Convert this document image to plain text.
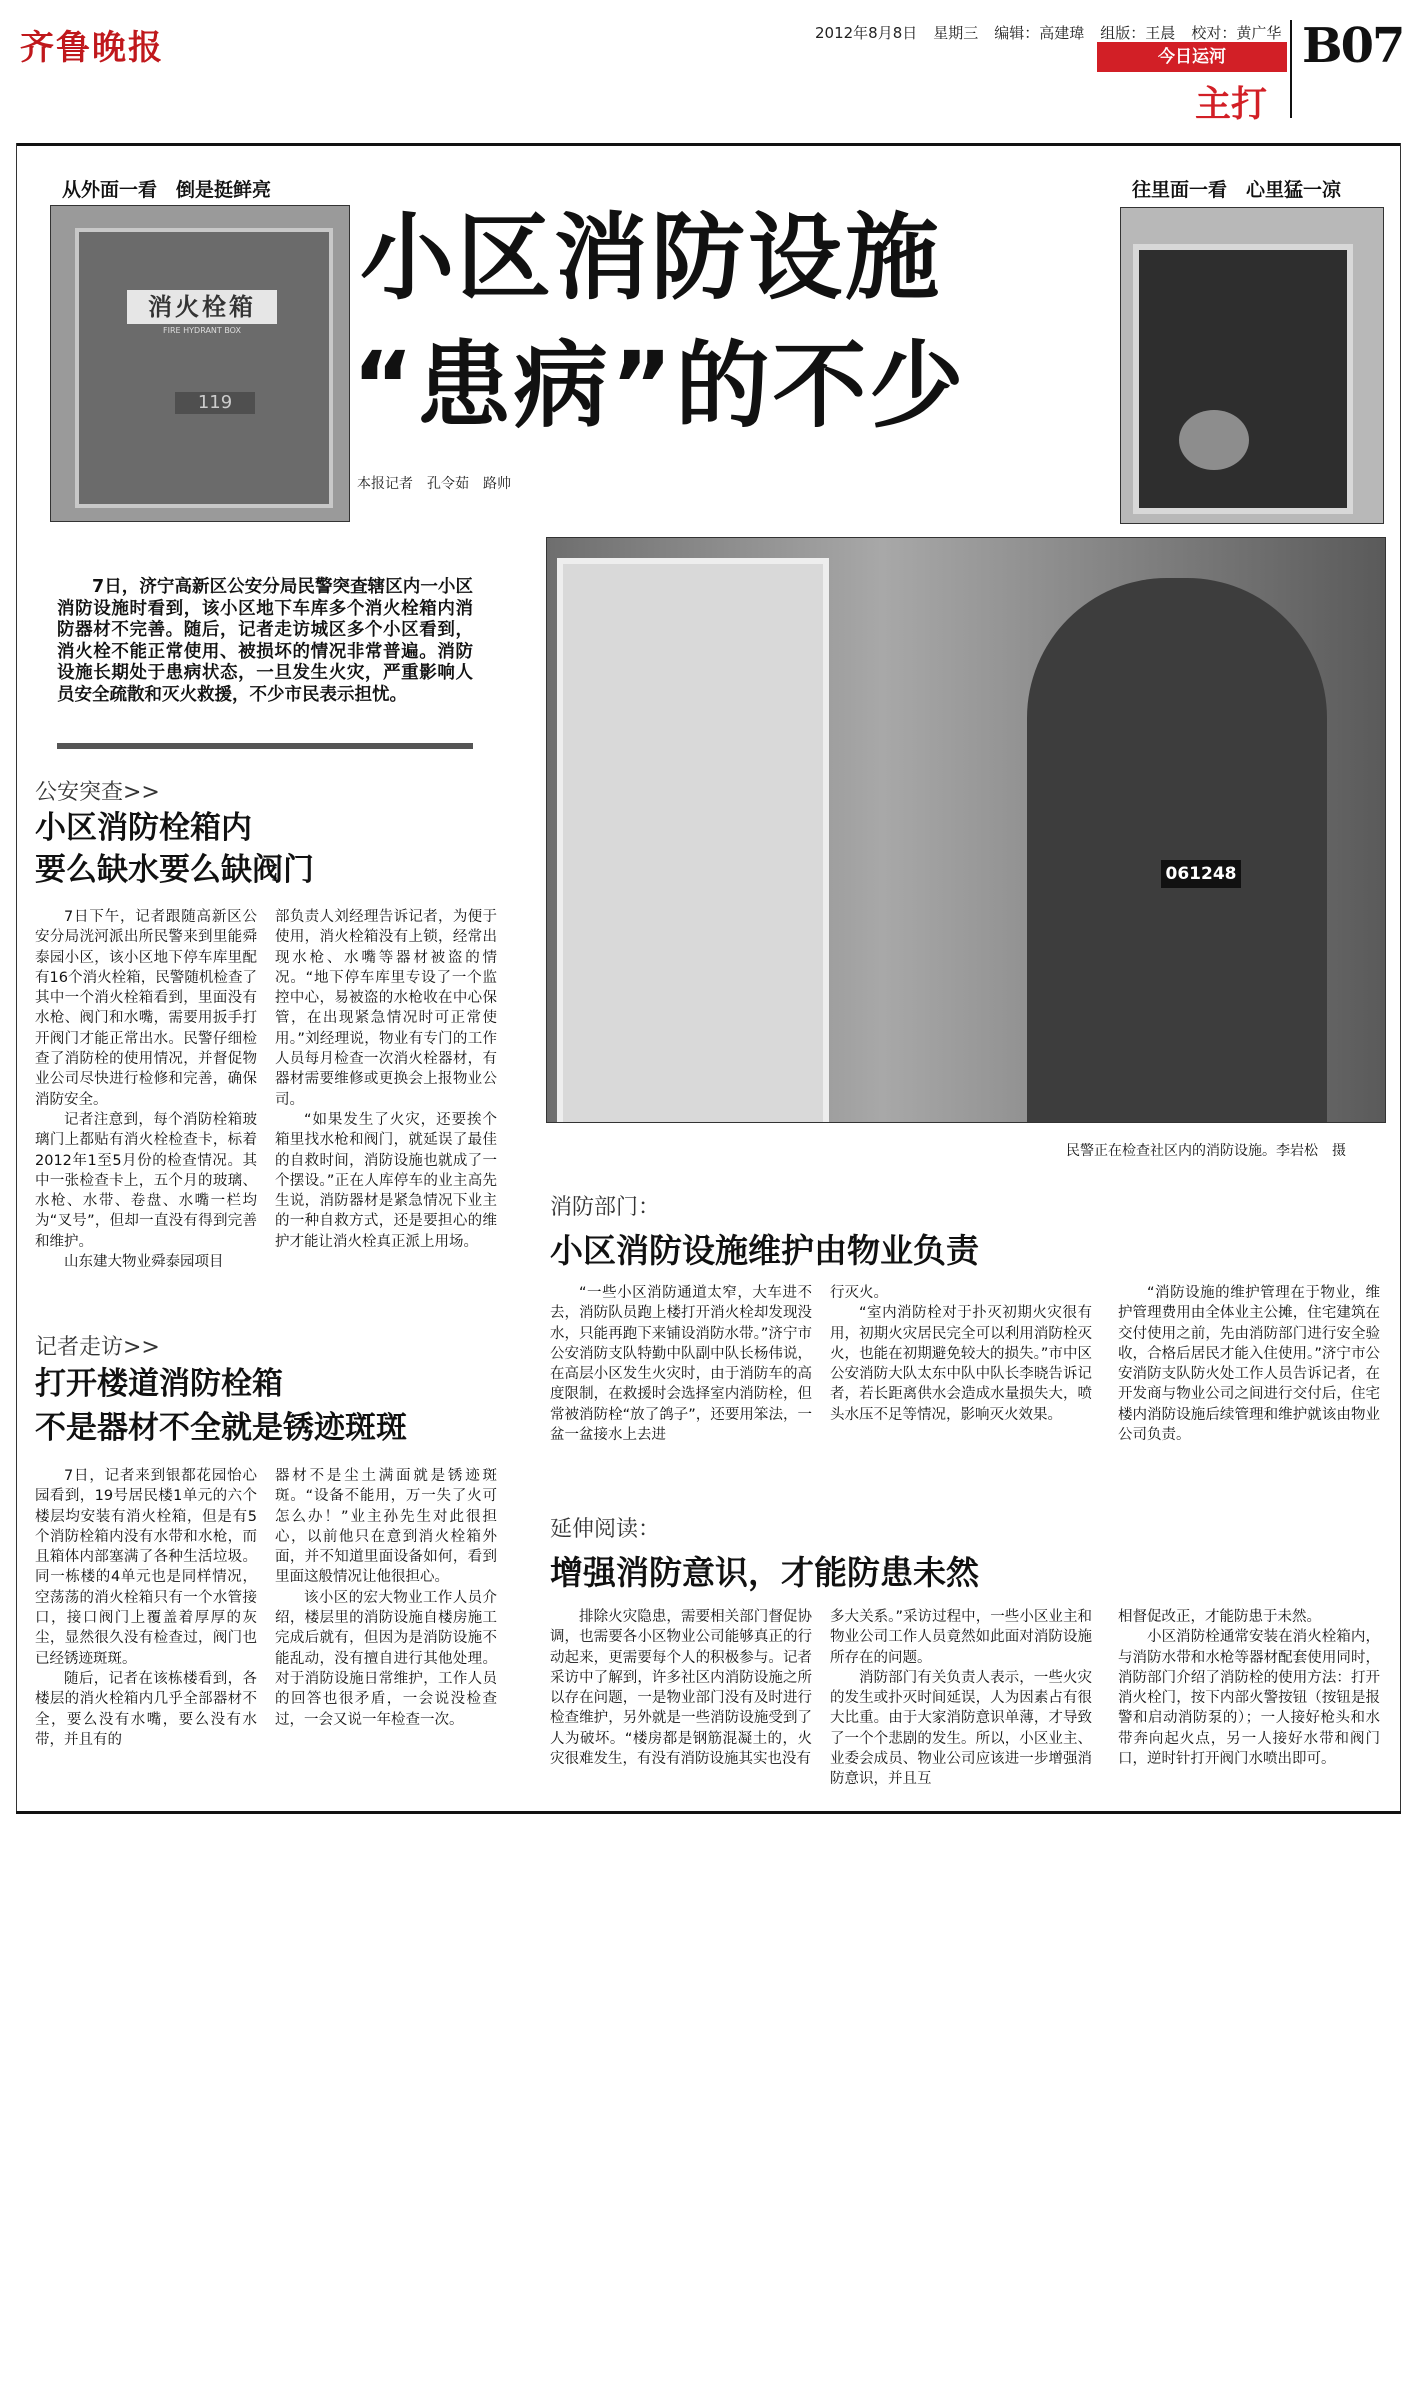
齐鲁晚报	2012年8月8日 星期三 编辑：高建瑋 组版：王晨 校对：黄广华
今日运河
主打
B07
从外面一看　倒是挺鲜亮
消火栓箱
FIRE HYDRANT BOX
119
小区消防设施
“患病”的不少
本报记者　孔令茹　路帅
往里面一看　心里猛一凉
7日，济宁高新区公安分局民警突查辖区内一小区消防设施时看到，该小区地下车库多个消火栓箱内消防器材不完善。随后，记者走访城区多个小区看到，消火栓不能正常使用、被损坏的情况非常普遍。消防设施长期处于患病状态，一旦发生火灾，严重影响人员安全疏散和灭火救援，不少市民表示担忧。
061248
民警正在检查社区内的消防设施。李岩松　摄
公安突查>>
小区消防栓箱内
要么缺水要么缺阀门
7日下午，记者跟随高新区公安分局洸河派出所民警来到里能舜泰园小区，该小区地下停车库里配有16个消火栓箱，民警随机检查了其中一个消火栓箱看到，里面没有水枪、阀门和水嘴，需要用扳手打开阀门才能正常出水。民警仔细检查了消防栓的使用情况，并督促物业公司尽快进行检修和完善，确保消防安全。
记者注意到，每个消防栓箱玻璃门上都贴有消火栓检查卡，标着2012年1至5月份的检查情况。其中一张检查卡上，五个月的玻璃、水枪、水带、卷盘、水嘴一栏均为“叉号”，但却一直没有得到完善和维护。
山东建大物业舜泰园项目
部负责人刘经理告诉记者，为便于使用，消火栓箱没有上锁，经常出现水枪、水嘴等器材被盗的情况。“地下停车库里专设了一个监控中心，易被盗的水枪收在中心保管，在出现紧急情况时可正常使用。”刘经理说，物业有专门的工作人员每月检查一次消火栓器材，有器材需要维修或更换会上报物业公司。
“如果发生了火灾，还要挨个箱里找水枪和阀门，就延误了最佳的自救时间，消防设施也就成了一个摆设。”正在人库停车的业主高先生说，消防器材是紧急情况下业主的一种自救方式，还是要担心的维护才能让消火栓真正派上用场。
记者走访>>
打开楼道消防栓箱
不是器材不全就是锈迹斑斑
7日，记者来到银都花园怡心园看到，19号居民楼1单元的六个楼层均安装有消火栓箱，但是有5个消防栓箱内没有水带和水枪，而且箱体内部塞满了各种生活垃圾。同一栋楼的4单元也是同样情况，空荡荡的消火栓箱只有一个水管接口，接口阀门上覆盖着厚厚的灰尘，显然很久没有检查过，阀门也已经锈迹斑斑。
随后，记者在该栋楼看到，各楼层的消火栓箱内几乎全部器材不全，要么没有水嘴，要么没有水带，并且有的
器材不是尘土满面就是锈迹斑斑。“设备不能用，万一失了火可怎么办！”业主孙先生对此很担心，以前他只在意到消火栓箱外面，并不知道里面设备如何，看到里面这般情况让他很担心。
该小区的宏大物业工作人员介绍，楼层里的消防设施自楼房施工完成后就有，但因为是消防设施不能乱动，没有擅自进行其他处理。对于消防设施日常维护，工作人员的回答也很矛盾，一会说没检查过，一会又说一年检查一次。
消防部门：
小区消防设施维护由物业负责
“一些小区消防通道太窄，大车进不去，消防队员跑上楼打开消火栓却发现没水，只能再跑下来铺设消防水带。”济宁市公安消防支队特勤中队副中队长杨伟说，在高层小区发生火灾时，由于消防车的高度限制，在救援时会选择室内消防栓，但常被消防栓“放了鸽子”，还要用笨法，一盆一盆接水上去进
行灭火。
“室内消防栓对于扑灭初期火灾很有用，初期火灾居民完全可以利用消防栓灭火，也能在初期避免较大的损失。”市中区公安消防大队太东中队中队长李晓告诉记者，若长距离供水会造成水量损失大，喷头水压不足等情况，影响灭火效果。
“消防设施的维护管理在于物业，维护管理费用由全体业主公摊，住宅建筑在交付使用之前，先由消防部门进行安全验收，合格后居民才能入住使用。”济宁市公安消防支队防火处工作人员告诉记者，在开发商与物业公司之间进行交付后，住宅楼内消防设施后续管理和维护就该由物业公司负责。
延伸阅读：
增强消防意识，才能防患未然
排除火灾隐患，需要相关部门督促协调，也需要各小区物业公司能够真正的行动起来，更需要每个人的积极参与。记者采访中了解到，许多社区内消防设施之所以存在问题，一是物业部门没有及时进行检查维护，另外就是一些消防设施受到了人为破坏。“楼房都是钢筋混凝土的，火灾很难发生，有没有消防设施其实也没有
多大关系。”采访过程中，一些小区业主和物业公司工作人员竟然如此面对消防设施所存在的问题。
消防部门有关负责人表示，一些火灾的发生或扑灭时间延误，人为因素占有很大比重。由于大家消防意识单薄，才导致了一个个悲剧的发生。所以，小区业主、业委会成员、物业公司应该进一步增强消防意识，并且互
相督促改正，才能防患于未然。
小区消防栓通常安装在消火栓箱内，与消防水带和水枪等器材配套使用同时，消防部门介绍了消防栓的使用方法：打开消火栓门，按下内部火警按钮（按钮是报警和启动消防泵的）；一人接好枪头和水带奔向起火点，另一人接好水带和阀门口，逆时针打开阀门水喷出即可。
